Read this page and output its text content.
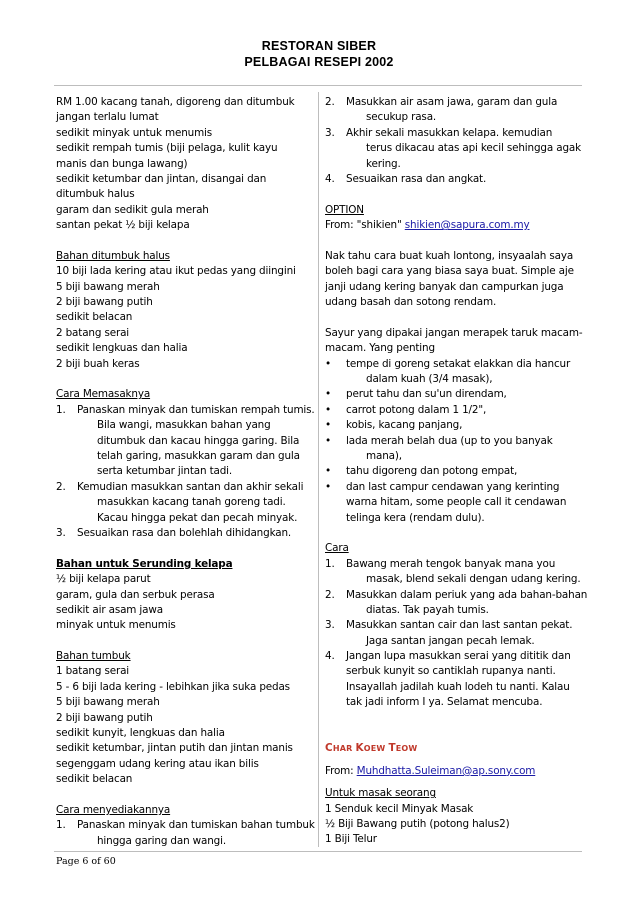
RESTORAN SIBER
PELBAGAI RESEPI 2002
RM 1.00 kacang tanah, digoreng dan ditumbuk
jangan terlalu lumat
sedikit minyak untuk menumis
sedikit rempah tumis (biji pelaga, kulit kayu
manis dan bunga lawang)
sedikit ketumbar dan jintan, disangai dan
ditumbuk halus
garam dan sedikit gula merah
santan pekat ½ biji kelapa
Bahan ditumbuk halus
10 biji lada kering atau ikut pedas yang diingini
5 biji bawang merah
2 biji bawang putih
sedikit belacan
2 batang serai
sedikit lengkuas dan halia
2 biji buah keras
Cara Memasaknya
1. Panaskan minyak dan tumiskan rempah tumis.
Bila wangi, masukkan bahan yang
ditumbuk dan kacau hingga garing. Bila
telah garing, masukkan garam dan gula
serta ketumbar jintan tadi.
2. Kemudian masukkan santan dan akhir sekali
masukkan kacang tanah goreng tadi.
Kacau hingga pekat dan pecah minyak.
3. Sesuaikan rasa dan bolehlah dihidangkan.
Bahan untuk Serunding kelapa
½ biji kelapa parut
garam, gula dan serbuk perasa
sedikit air asam jawa
minyak untuk menumis
Bahan tumbuk
1 batang serai
5 - 6 biji lada kering - lebihkan jika suka pedas
5 biji bawang merah
2 biji bawang putih
sedikit kunyit, lengkuas dan halia
sedikit ketumbar, jintan putih dan jintan manis
segenggam udang kering atau ikan bilis
sedikit belacan
Cara menyediakannya
1. Panaskan minyak dan tumiskan bahan tumbuk
hingga garing dan wangi.
2. Masukkan air asam jawa, garam dan gula
secukup rasa.
3. Akhir sekali masukkan kelapa. kemudian
terus dikacau atas api kecil sehingga agak
kering.
4. Sesuaikan rasa dan angkat.
OPTION
From: "shikien" shikien@sapura.com.my
Nak tahu cara buat kuah lontong, insyaalah saya
boleh bagi cara yang biasa saya buat. Simple aje
janji udang kering banyak dan campurkan juga
udang basah dan sotong rendam.
Sayur yang dipakai jangan merapek taruk macam-
macam. Yang penting
• tempe di goreng setakat elakkan dia hancur
dalam kuah (3/4 masak),
• perut tahu dan su'un direndam,
• carrot potong dalam 1 1/2",
• kobis, kacang panjang,
• lada merah belah dua (up to you banyak
mana),
• tahu digoreng dan potong empat,
• dan last campur cendawan yang kerinting
warna hitam, some people call it cendawan
telinga kera (rendam dulu).
Cara
1. Bawang merah tengok banyak mana you
masak, blend sekali dengan udang kering.
2. Masukkan dalam periuk yang ada bahan-bahan
diatas. Tak payah tumis.
3. Masukkan santan cair dan last santan pekat.
Jaga santan jangan pecah lemak.
4. Jangan lupa masukkan serai yang dititik dan
serbuk kunyit so cantiklah rupanya nanti.
Insayallah jadilah kuah lodeh tu nanti. Kalau
tak jadi inform I ya. Selamat mencuba.
CHAR KOEW TEOW
From: Muhdhatta.Suleiman@ap.sony.com
Untuk masak seorang
1 Senduk kecil Minyak Masak
½ Biji Bawang putih (potong halus2)
1 Biji Telur
Page 6 of 60
